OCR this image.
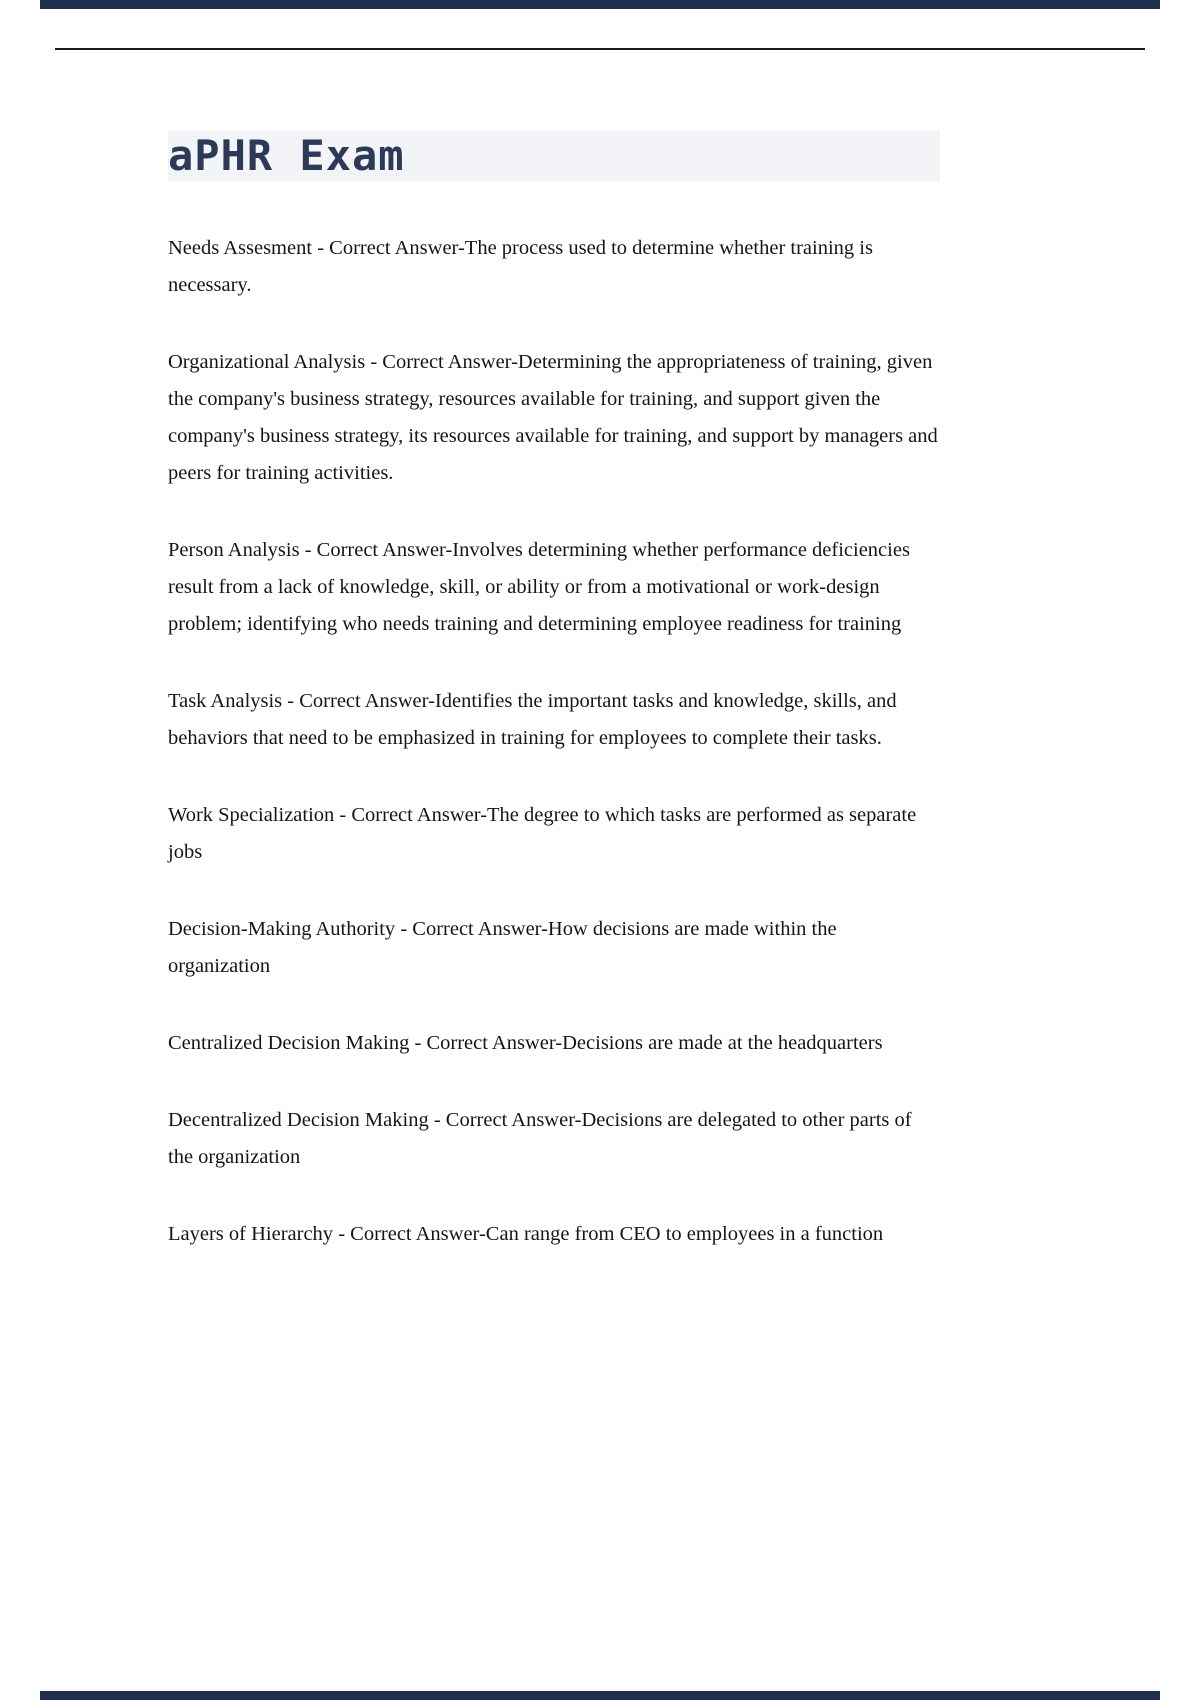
aPHR Exam

Needs Assesment - Correct Answer-The process used to determine whether training is necessary.

Organizational Analysis - Correct Answer-Determining the appropriateness of training, given the company's business strategy, resources available for training, and support given the company's business strategy, its resources available for training, and support by managers and peers for training activities.

Person Analysis - Correct Answer-Involves determining whether performance deficiencies result from a lack of knowledge, skill, or ability or from a motivational or work-design problem; identifying who needs training and determining employee readiness for training

Task Analysis - Correct Answer-Identifies the important tasks and knowledge, skills, and behaviors that need to be emphasized in training for employees to complete their tasks.

Work Specialization - Correct Answer-The degree to which tasks are performed as separate jobs

Decision-Making Authority - Correct Answer-How decisions are made within the organization

Centralized Decision Making - Correct Answer-Decisions are made at the headquarters

Decentralized Decision Making - Correct Answer-Decisions are delegated to other parts of the organization

Layers of Hierarchy - Correct Answer-Can range from CEO to employees in a function
